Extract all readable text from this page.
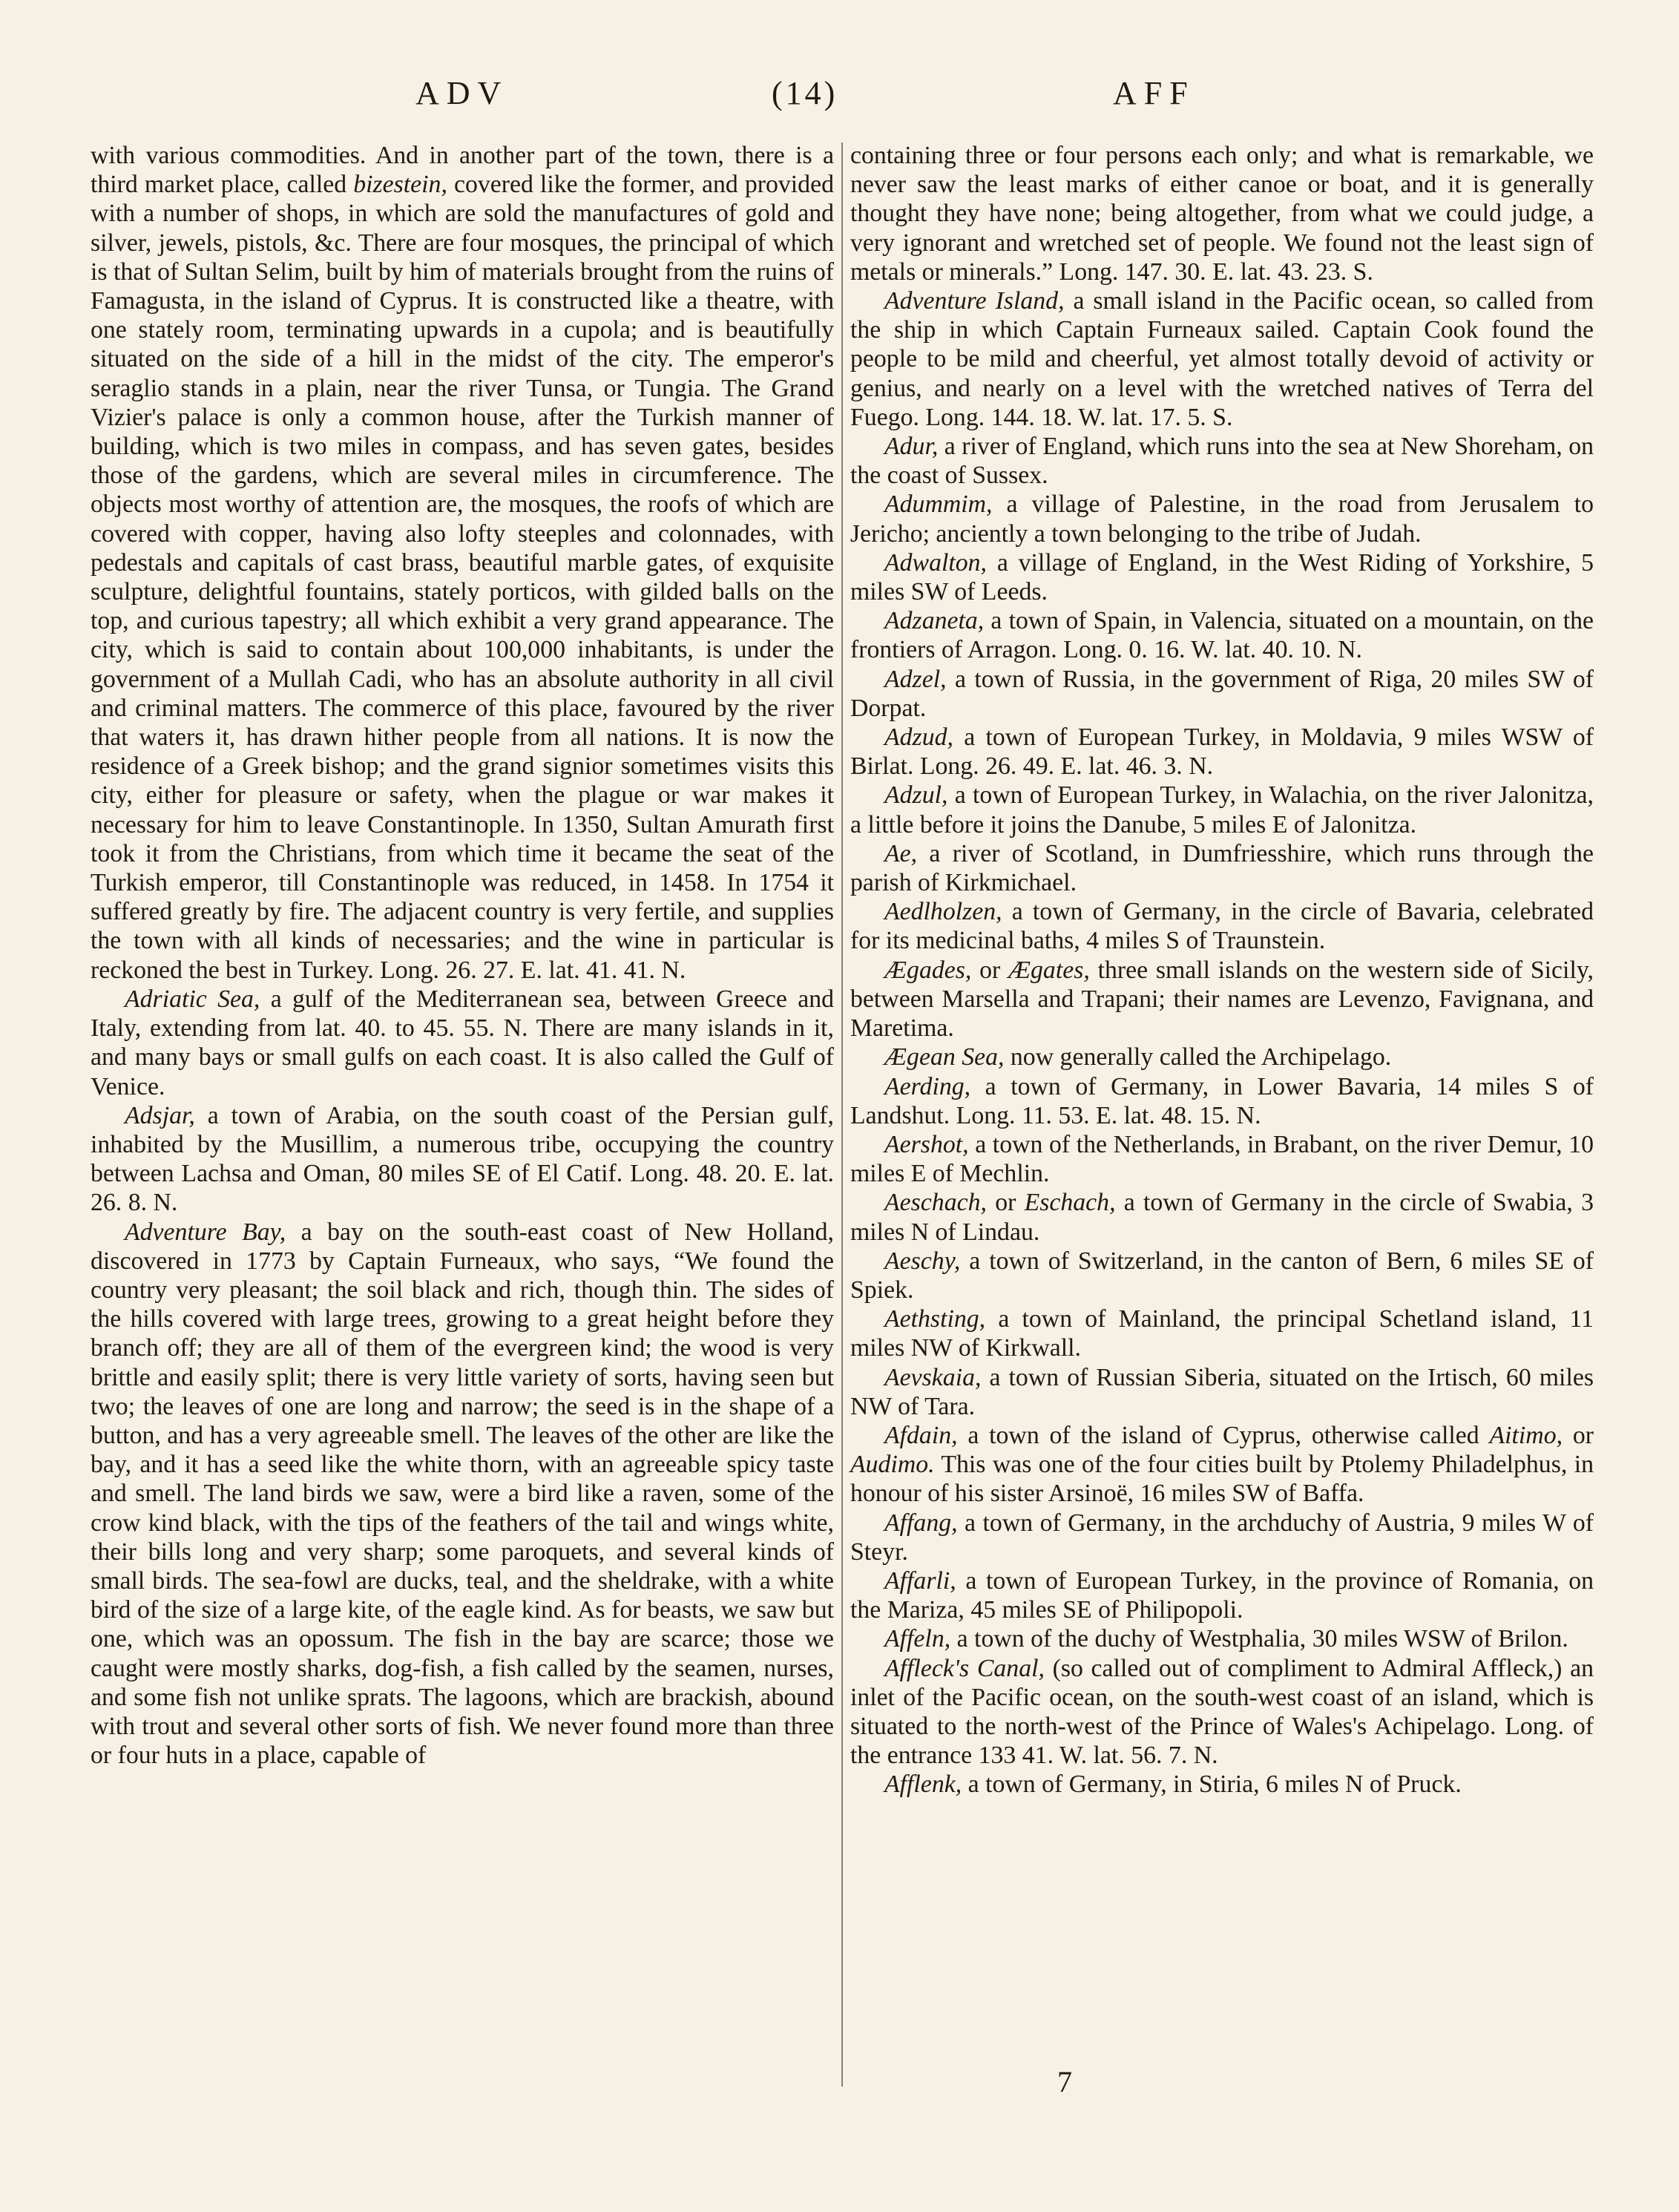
ADV	(14)	AFF

with various commodities. And in another part of the town, there is a third market place, called bizestein, covered like the former, and provided with a number of shops, in which are sold the manufactures of gold and silver, jewels, pistols, &c. There are four mosques, the principal of which is that of Sultan Selim, built by him of materials brought from the ruins of Famagusta, in the island of Cyprus. It is constructed like a theatre, with one stately room, terminating upwards in a cupola; and is beautifully situated on the side of a hill in the midst of the city. The emperor's seraglio stands in a plain, near the river Tunsa, or Tungia. The Grand Vizier's palace is only a common house, after the Turkish manner of building, which is two miles in compass, and has seven gates, besides those of the gardens, which are several miles in circumference. The objects most worthy of attention are, the mosques, the roofs of which are covered with copper, having also lofty steeples and colonnades, with pedestals and capitals of cast brass, beautiful marble gates, of exquisite sculpture, delightful fountains, stately porticos, with gilded balls on the top, and curious tapestry; all which exhibit a very grand appearance. The city, which is said to contain about 100,000 inhabitants, is under the government of a Mullah Cadi, who has an absolute authority in all civil and criminal matters. The commerce of this place, favoured by the river that waters it, has drawn hither people from all nations. It is now the residence of a Greek bishop; and the grand signior sometimes visits this city, either for pleasure or safety, when the plague or war makes it necessary for him to leave Constantinople. In 1350, Sultan Amurath first took it from the Christians, from which time it became the seat of the Turkish emperor, till Constantinople was reduced, in 1458. In 1754 it suffered greatly by fire. The adjacent country is very fertile, and supplies the town with all kinds of necessaries; and the wine in particular is reckoned the best in Turkey. Long. 26. 27. E. lat. 41. 41. N.

Adriatic Sea, a gulf of the Mediterranean sea, between Greece and Italy, extending from lat. 40. to 45. 55. N. There are many islands in it, and many bays or small gulfs on each coast. It is also called the Gulf of Venice.

Adsjar, a town of Arabia, on the south coast of the Persian gulf, inhabited by the Musillim, a numerous tribe, occupying the country between Lachsa and Oman, 80 miles SE of El Catif. Long. 48. 20. E. lat. 26. 8. N.

Adventure Bay, a bay on the south-east coast of New Holland, discovered in 1773 by Captain Furneaux, who says, “We found the country very pleasant; the soil black and rich, though thin. The sides of the hills covered with large trees, growing to a great height before they branch off; they are all of them of the evergreen kind; the wood is very brittle and easily split; there is very little variety of sorts, having seen but two; the leaves of one are long and narrow; the seed is in the shape of a button, and has a very agreeable smell. The leaves of the other are like the bay, and it has a seed like the white thorn, with an agreeable spicy taste and smell. The land birds we saw, were a bird like a raven, some of the crow kind black, with the tips of the feathers of the tail and wings white, their bills long and very sharp; some paroquets, and several kinds of small birds. The sea-fowl are ducks, teal, and the sheldrake, with a white bird of the size of a large kite, of the eagle kind. As for beasts, we saw but one, which was an opossum. The fish in the bay are scarce; those we caught were mostly sharks, dog-fish, a fish called by the seamen, nurses, and some fish not unlike sprats. The lagoons, which are brackish, abound with trout and several other sorts of fish. We never found more than three or four huts in a place, capable of

containing three or four persons each only; and what is remarkable, we never saw the least marks of either canoe or boat, and it is generally thought they have none; being altogether, from what we could judge, a very ignorant and wretched set of people. We found not the least sign of metals or minerals.” Long. 147. 30. E. lat. 43. 23. S.

Adventure Island, a small island in the Pacific ocean, so called from the ship in which Captain Furneaux sailed. Captain Cook found the people to be mild and cheerful, yet almost totally devoid of activity or genius, and nearly on a level with the wretched natives of Terra del Fuego. Long. 144. 18. W. lat. 17. 5. S.

Adur, a river of England, which runs into the sea at New Shoreham, on the coast of Sussex.

Adummim, a village of Palestine, in the road from Jerusalem to Jericho; anciently a town belonging to the tribe of Judah.

Adwalton, a village of England, in the West Riding of Yorkshire, 5 miles SW of Leeds.

Adzaneta, a town of Spain, in Valencia, situated on a mountain, on the frontiers of Arragon. Long. 0. 16. W. lat. 40. 10. N.

Adzel, a town of Russia, in the government of Riga, 20 miles SW of Dorpat.

Adzud, a town of European Turkey, in Moldavia, 9 miles WSW of Birlat. Long. 26. 49. E. lat. 46. 3. N.

Adzul, a town of European Turkey, in Walachia, on the river Jalonitza, a little before it joins the Danube, 5 miles E of Jalonitza.

Ae, a river of Scotland, in Dumfriesshire, which runs through the parish of Kirkmichael.

Aedlholzen, a town of Germany, in the circle of Bavaria, celebrated for its medicinal baths, 4 miles S of Traunstein.

Ægades, or Ægates, three small islands on the western side of Sicily, between Marsella and Trapani; their names are Levenzo, Favignana, and Maretima.

Ægean Sea, now generally called the Archipelago.

Aerding, a town of Germany, in Lower Bavaria, 14 miles S of Landshut. Long. 11. 53. E. lat. 48. 15. N.

Aershot, a town of the Netherlands, in Brabant, on the river Demur, 10 miles E of Mechlin.

Aeschach, or Eschach, a town of Germany in the circle of Swabia, 3 miles N of Lindau.

Aeschy, a town of Switzerland, in the canton of Bern, 6 miles SE of Spiek.

Aethsting, a town of Mainland, the principal Schetland island, 11 miles NW of Kirkwall.

Aevskaia, a town of Russian Siberia, situated on the Irtisch, 60 miles NW of Tara.

Afdain, a town of the island of Cyprus, otherwise called Aitimo, or Audimo. This was one of the four cities built by Ptolemy Philadelphus, in honour of his sister Arsinoë, 16 miles SW of Baffa.

Affang, a town of Germany, in the archduchy of Austria, 9 miles W of Steyr.

Affarli, a town of European Turkey, in the province of Romania, on the Mariza, 45 miles SE of Philipopoli.

Affeln, a town of the duchy of Westphalia, 30 miles WSW of Brilon.

Affleck's Canal, (so called out of compliment to Admiral Affleck,) an inlet of the Pacific ocean, on the south-west coast of an island, which is situated to the north-west of the Prince of Wales's Achipelago. Long. of the entrance 133 41. W. lat. 56. 7. N.

Afflenk, a town of Germany, in Stiria, 6 miles N of Pruck.

7
